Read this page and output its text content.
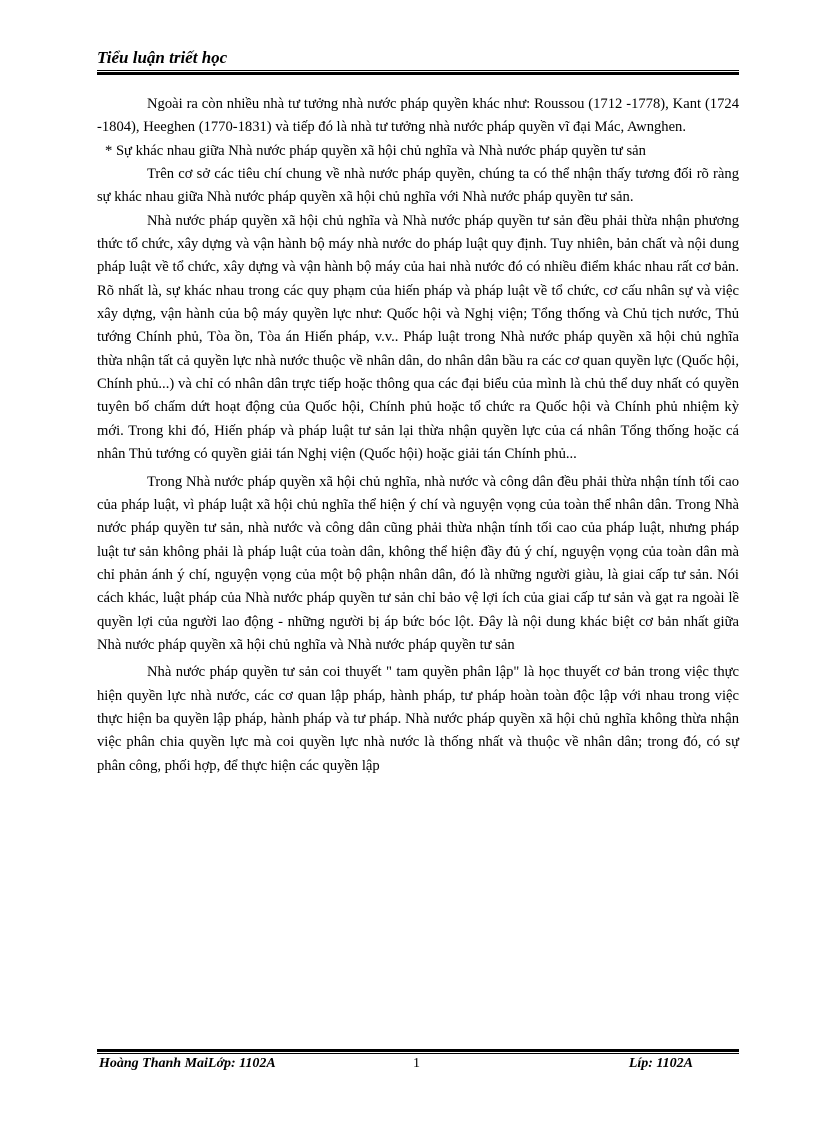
Tiểu luận triết học

Ngoài ra còn nhiều nhà tư tưởng nhà nước pháp quyền khác như: Roussou (1712 -1778), Kant (1724 -1804), Heeghen (1770-1831) và tiếp đó là nhà tư tưởng nhà nước pháp quyền vĩ đại Mác, Awnghen.

* Sự khác nhau giữa Nhà nước pháp quyền xã hội chủ nghĩa và Nhà nước pháp quyền tư sản

Trên cơ sở các tiêu chí chung về nhà nước pháp quyền, chúng ta có thể nhận thấy tương đối rõ ràng sự khác nhau giữa Nhà nước pháp quyền xã hội chủ nghĩa với Nhà nước pháp quyền tư sản.

Nhà nước pháp quyền xã hội chủ nghĩa và Nhà nước pháp quyền tư sản đều phải thừa nhận phương thức tổ chức, xây dựng và vận hành bộ máy nhà nước do pháp luật quy định. Tuy nhiên, bản chất và nội dung pháp luật về tổ chức, xây dựng và vận hành bộ máy của hai nhà nước đó có nhiều điểm khác nhau rất cơ bản. Rõ nhất là, sự khác nhau trong các quy phạm của hiến pháp và pháp luật về tổ chức, cơ cấu nhân sự và việc xây dựng, vận hành của bộ máy quyền lực như: Quốc hội và Nghị viện; Tổng thống và Chủ tịch nước, Thủ tướng Chính phủ, Tòa ồn, Tòa án Hiến pháp, v.v.. Pháp luật trong Nhà nước pháp quyền xã hội chủ nghĩa thừa nhận tất cả quyền lực nhà nước thuộc về nhân dân, do nhân dân bầu ra các cơ quan quyền lực (Quốc hội, Chính phủ...) và chỉ có nhân dân trực tiếp hoặc thông qua các đại biểu của mình là chủ thể duy nhất có quyền tuyên bố chấm dứt hoạt động của Quốc hội, Chính phủ hoặc tổ chức ra Quốc hội và Chính phủ nhiệm kỳ mới. Trong khi đó, Hiến pháp và pháp luật tư sản lại thừa nhận quyền lực của cá nhân Tổng thống hoặc cá nhân Thủ tướng có quyền giải tán Nghị viện (Quốc hội) hoặc giải tán Chính phủ...

Trong Nhà nước pháp quyền xã hội chủ nghĩa, nhà nước và công dân đều phải thừa nhận tính tối cao của pháp luật, vì pháp luật xã hội chủ nghĩa thể hiện ý chí và nguyện vọng của toàn thể nhân dân. Trong Nhà nước pháp quyền tư sản, nhà nước và công dân cũng phải thừa nhận tính tối cao của pháp luật, nhưng pháp luật tư sản không phải là pháp luật của toàn dân, không thể hiện đầy đủ ý chí, nguyện vọng của toàn dân mà chỉ phản ánh ý chí, nguyện vọng của một bộ phận nhân dân, đó là những người giàu, là giai cấp tư sản. Nói cách khác, luật pháp của Nhà nước pháp quyền tư sản chỉ bảo vệ lợi ích của giai cấp tư sản và gạt ra ngoài lề quyền lợi của người lao động - những người bị áp bức bóc lột. Đây là nội dung khác biệt cơ bản nhất giữa Nhà nước pháp quyền xã hội chủ nghĩa và Nhà nước pháp quyền tư sản

Nhà nước pháp quyền tư sản coi thuyết " tam quyền phân lập" là học thuyết cơ bản trong việc thực hiện quyền lực nhà nước, các cơ quan lập pháp, hành pháp, tư pháp hoàn toàn độc lập với nhau trong việc thực hiện ba quyền lập pháp, hành pháp và tư pháp. Nhà nước pháp quyền xã hội chủ nghĩa không thừa nhận việc phân chia quyền lực mà coi quyền lực nhà nước là thống nhất và thuộc về nhân dân; trong đó, có sự phân công, phối hợp, để thực hiện các quyền lập

Hoàng Thanh MaiLớp: 1102A	1	Líp: 1102A
